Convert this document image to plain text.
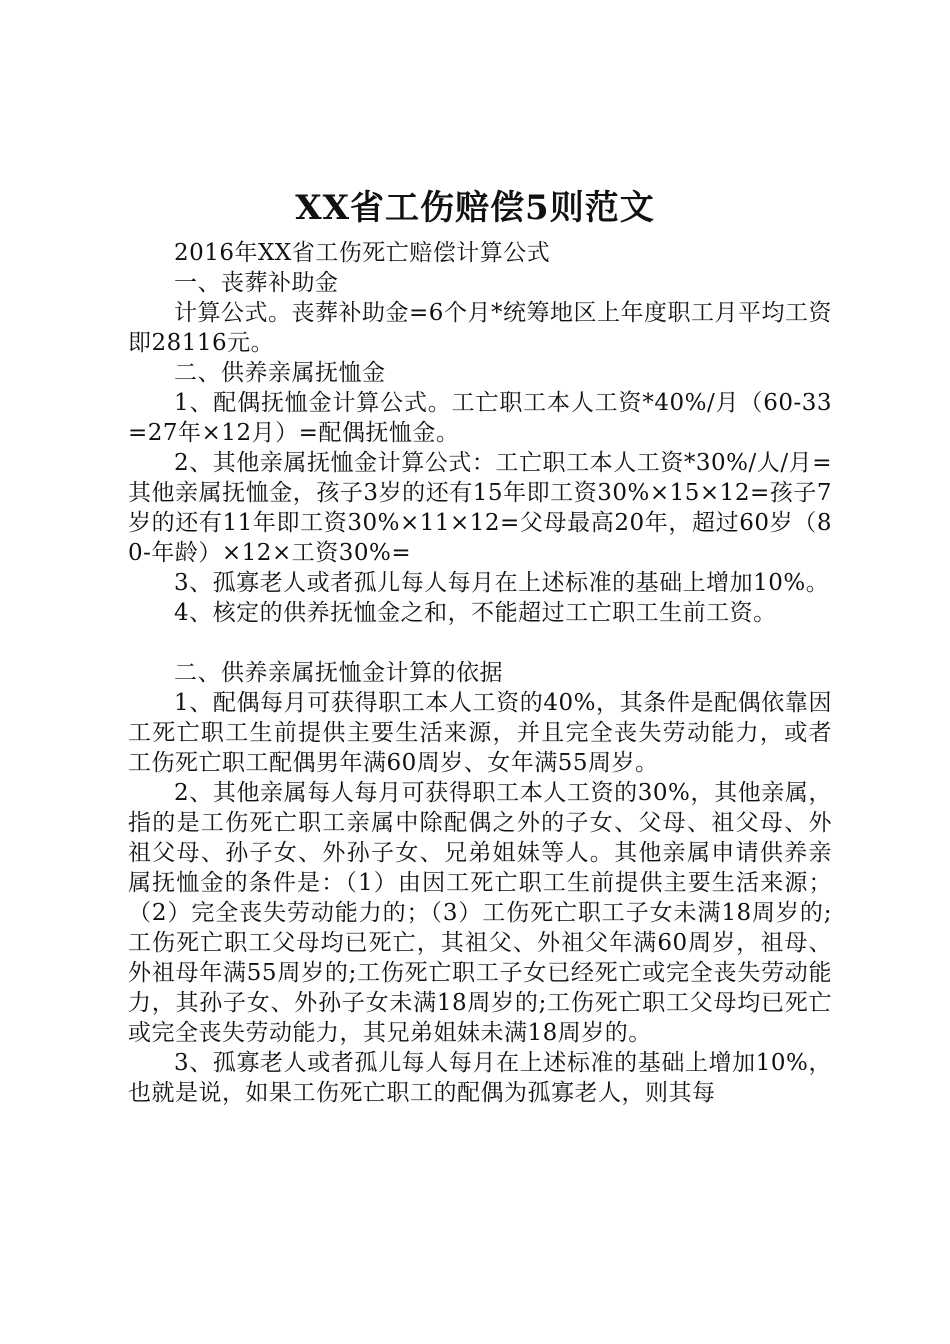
XX省工伤赔偿5则范文

2016年XX省工伤死亡赔偿计算公式

一、丧葬补助金

计算公式。丧葬补助金=6个月*统筹地区上年度职工月平均工资即28116元。

二、供养亲属抚恤金

1、配偶抚恤金计算公式。工亡职工本人工资*40%/月（60-33=27年×12月）=配偶抚恤金。

2、其他亲属抚恤金计算公式：工亡职工本人工资*30%/人/月=其他亲属抚恤金，孩子3岁的还有15年即工资30%×15×12=孩子7岁的还有11年即工资30%×11×12=父母最高20年，超过60岁（80-年龄）×12×工资30%=

3、孤寡老人或者孤儿每人每月在上述标准的基础上增加10%。

4、核定的供养抚恤金之和，不能超过工亡职工生前工资。

二、供养亲属抚恤金计算的依据

1、配偶每月可获得职工本人工资的40%，其条件是配偶依靠因工死亡职工生前提供主要生活来源，并且完全丧失劳动能力，或者工伤死亡职工配偶男年满60周岁、女年满55周岁。

2、其他亲属每人每月可获得职工本人工资的30%，其他亲属，指的是工伤死亡职工亲属中除配偶之外的子女、父母、祖父母、外祖父母、孙子女、外孙子女、兄弟姐妹等人。其他亲属申请供养亲属抚恤金的条件是：（1）由因工死亡职工生前提供主要生活来源；（2）完全丧失劳动能力的；（3）工伤死亡职工子女未满18周岁的;工伤死亡职工父母均已死亡，其祖父、外祖父年满60周岁，祖母、外祖母年满55周岁的;工伤死亡职工子女已经死亡或完全丧失劳动能力，其孙子女、外孙子女未满18周岁的;工伤死亡职工父母均已死亡或完全丧失劳动能力，其兄弟姐妹未满18周岁的。

3、孤寡老人或者孤儿每人每月在上述标准的基础上增加10%，也就是说，如果工伤死亡职工的配偶为孤寡老人，则其每
